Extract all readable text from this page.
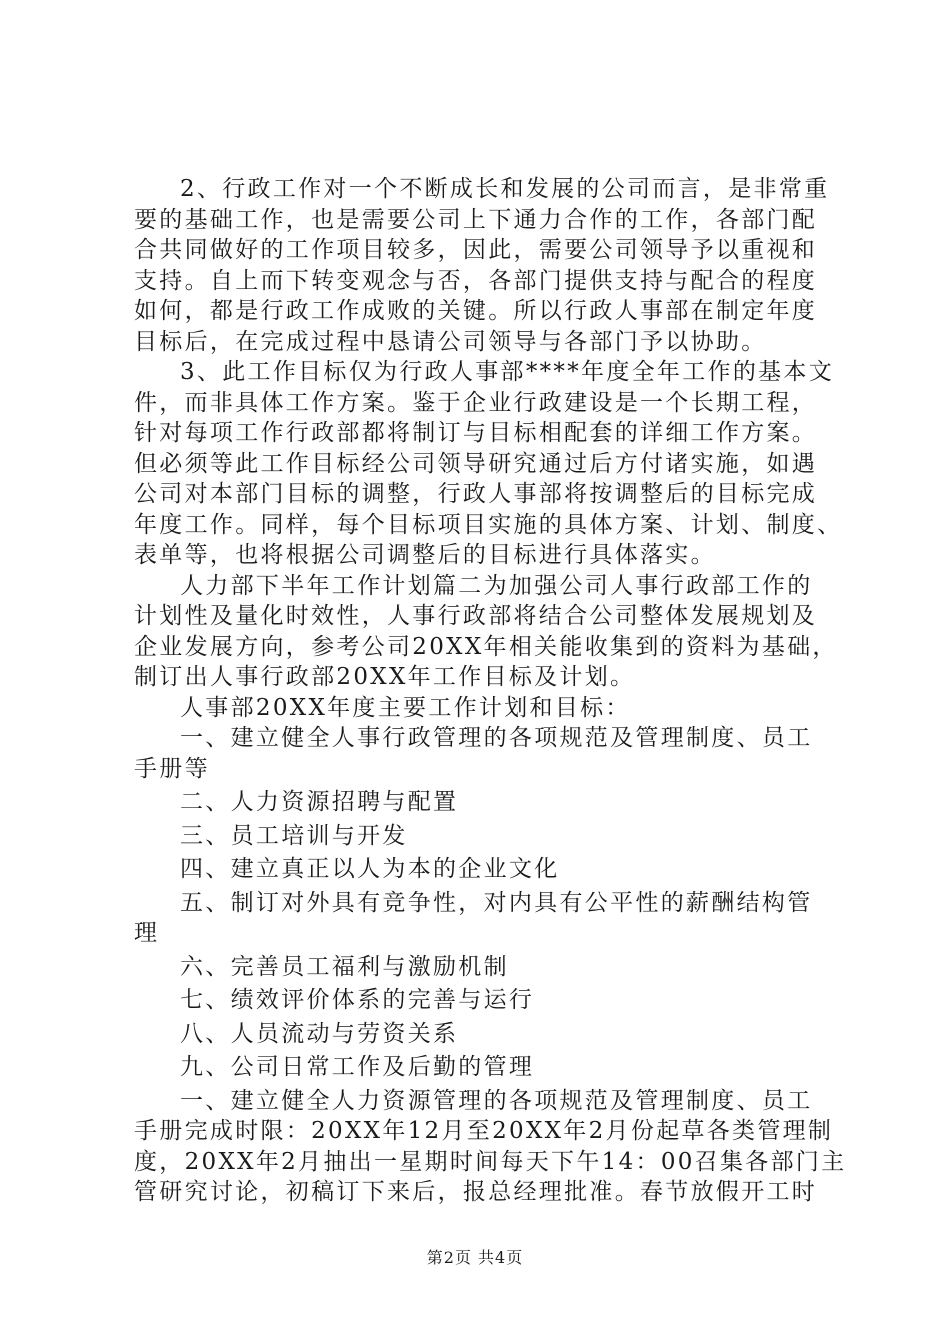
2、行政工作对一个不断成长和发展的公司而言，是非常重
要的基础工作，也是需要公司上下通力合作的工作，各部门配
合共同做好的工作项目较多，因此，需要公司领导予以重视和
支持。自上而下转变观念与否，各部门提供支持与配合的程度
如何，都是行政工作成败的关键。所以行政人事部在制定年度
目标后，在完成过程中恳请公司领导与各部门予以协助。
3、此工作目标仅为行政人事部****年度全年工作的基本文
件，而非具体工作方案。鉴于企业行政建设是一个长期工程，
针对每项工作行政部都将制订与目标相配套的详细工作方案。
但必须等此工作目标经公司领导研究通过后方付诸实施，如遇
公司对本部门目标的调整，行政人事部将按调整后的目标完成
年度工作。同样，每个目标项目实施的具体方案、计划、制度、
表单等，也将根据公司调整后的目标进行具体落实。
人力部下半年工作计划篇二为加强公司人事行政部工作的
计划性及量化时效性，人事行政部将结合公司整体发展规划及
企业发展方向，参考公司20XX年相关能收集到的资料为基础，
制订出人事行政部20XX年工作目标及计划。
人事部20XX年度主要工作计划和目标：
一、建立健全人事行政管理的各项规范及管理制度、员工
手册等
二、人力资源招聘与配置
三、员工培训与开发
四、建立真正以人为本的企业文化
五、制订对外具有竞争性，对内具有公平性的薪酬结构管
理
六、完善员工福利与激励机制
七、绩效评价体系的完善与运行
八、人员流动与劳资关系
九、公司日常工作及后勤的管理
一、建立健全人力资源管理的各项规范及管理制度、员工
手册完成时限：20XX年12月至20XX年2月份起草各类管理制
度，20XX年2月抽出一星期时间每天下午14：00召集各部门主
管研究讨论，初稿订下来后，报总经理批准。春节放假开工时
第2页 共4页
